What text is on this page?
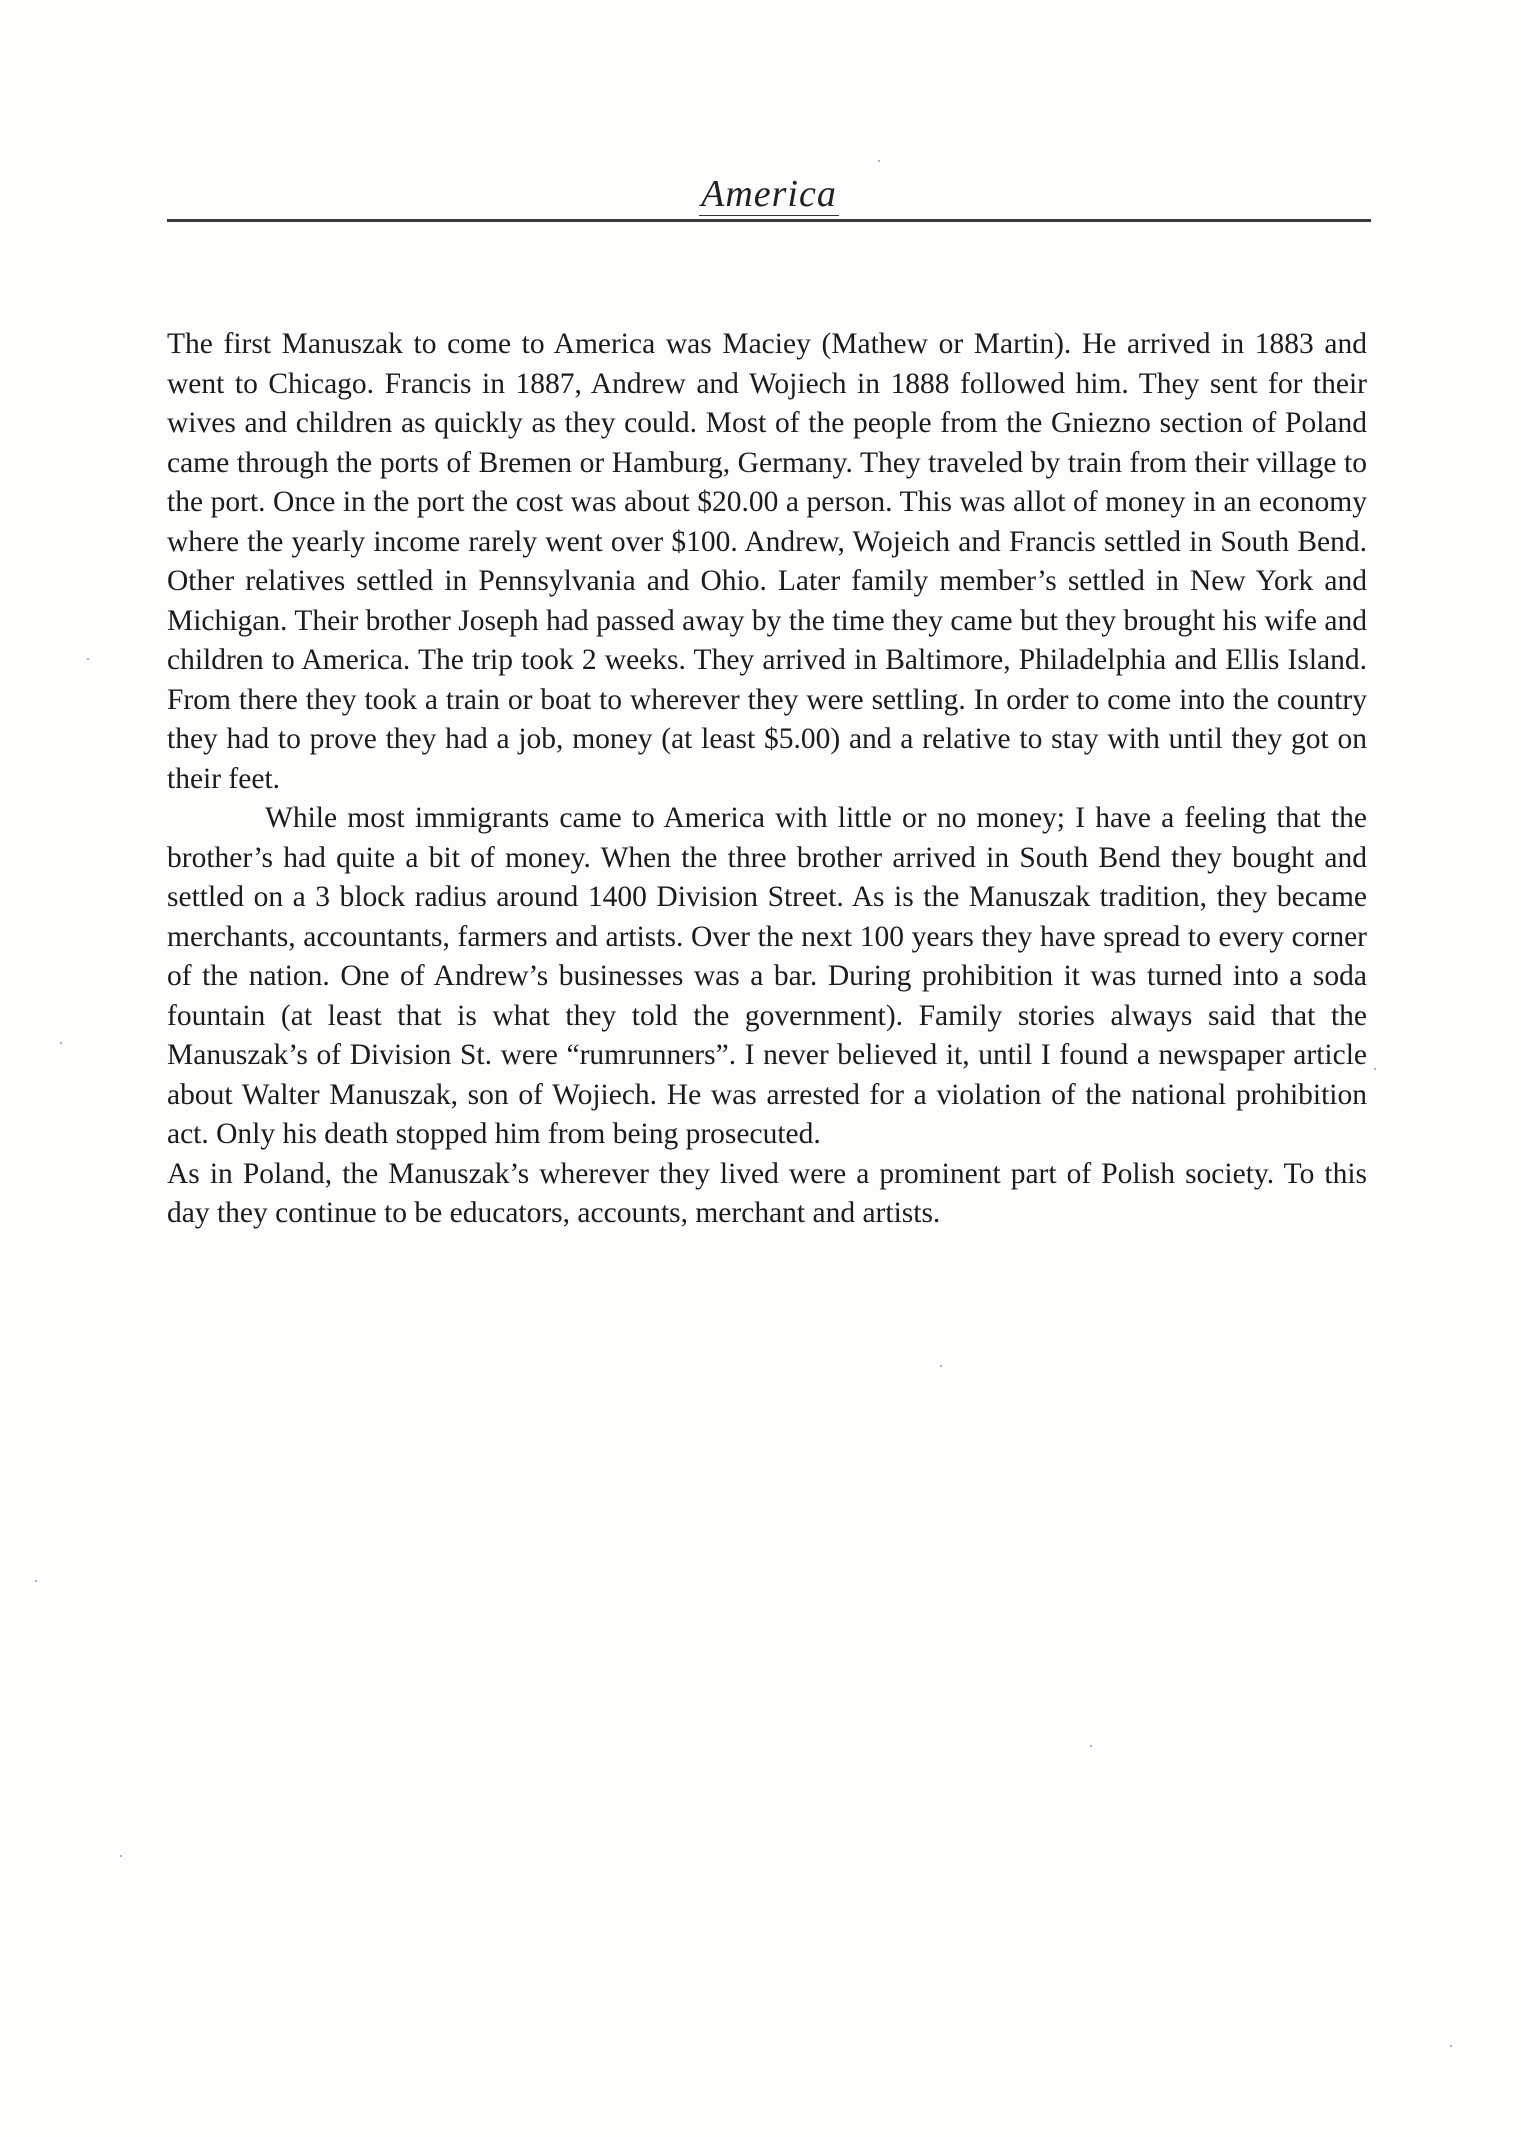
America

The first Manuszak to come to America was Maciey (Mathew or Martin). He arrived in 1883 and went to Chicago. Francis in 1887, Andrew and Wojiech in 1888 followed him. They sent for their wives and children as quickly as they could. Most of the people from the Gniezno section of Poland came through the ports of Bremen or Hamburg, Germany. They traveled by train from their village to the port. Once in the port the cost was about $20.00 a person. This was allot of money in an economy where the yearly income rarely went over $100. Andrew, Wojeich and Francis settled in South Bend. Other relatives settled in Pennsylvania and Ohio. Later family member’s settled in New York and Michigan. Their brother Joseph had passed away by the time they came but they brought his wife and children to America. The trip took 2 weeks. They arrived in Baltimore, Philadelphia and Ellis Island. From there they took a train or boat to wherever they were settling. In order to come into the country they had to prove they had a job, money (at least $5.00) and a relative to stay with until they got on their feet.

While most immigrants came to America with little or no money; I have a feeling that the brother’s had quite a bit of money. When the three brother arrived in South Bend they bought and settled on a 3 block radius around 1400 Division Street. As is the Manuszak tradition, they became merchants, accountants, farmers and artists. Over the next 100 years they have spread to every corner of the nation. One of Andrew’s businesses was a bar. During prohibition it was turned into a soda fountain (at least that is what they told the government). Family stories always said that the Manuszak’s of Division St. were “rumrunners”. I never believed it, until I found a newspaper article about Walter Manuszak, son of Wojiech. He was arrested for a violation of the national prohibition act. Only his death stopped him from being prosecuted.

As in Poland, the Manuszak’s wherever they lived were a prominent part of Polish society. To this day they continue to be educators, accounts, merchant and artists.
